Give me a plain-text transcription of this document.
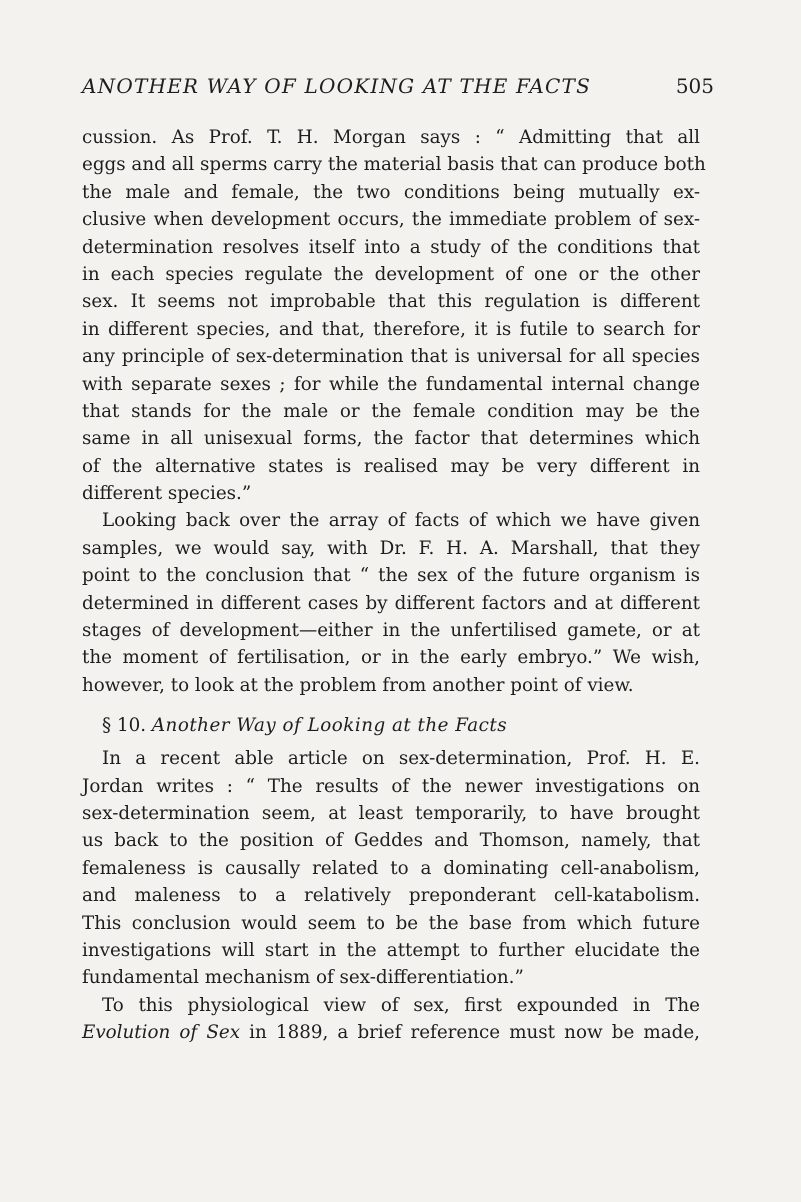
ANOTHER WAY OF LOOKING AT THE FACTS	505
cussion. As Prof. T. H. Morgan says : “ Admitting that all
eggs and all sperms carry the material basis that can produce both
the male and female, the two conditions being mutually ex-
clusive when development occurs, the immediate problem of sex-
determination resolves itself into a study of the conditions that
in each species regulate the development of one or the other
sex. It seems not improbable that this regulation is different
in different species, and that, therefore, it is futile to search for
any principle of sex-determination that is universal for all species
with separate sexes ; for while the fundamental internal change
that stands for the male or the female condition may be the
same in all unisexual forms, the factor that determines which
of the alternative states is realised may be very different in
different species.”
Looking back over the array of facts of which we have given
samples, we would say, with Dr. F. H. A. Marshall, that they
point to the conclusion that “ the sex of the future organism is
determined in different cases by different factors and at different
stages of development—either in the unfertilised gamete, or at
the moment of fertilisation, or in the early embryo.” We wish,
however, to look at the problem from another point of view.
§ 10. Another Way of Looking at the Facts
In a recent able article on sex-determination, Prof. H. E.
Jordan writes : “ The results of the newer investigations on
sex-determination seem, at least temporarily, to have brought
us back to the position of Geddes and Thomson, namely, that
femaleness is causally related to a dominating cell-anabolism,
and maleness to a relatively preponderant cell-katabolism.
This conclusion would seem to be the base from which future
investigations will start in the attempt to further elucidate the
fundamental mechanism of sex-differentiation.”
To this physiological view of sex, first expounded in The
Evolution of Sex in 1889, a brief reference must now be made,
